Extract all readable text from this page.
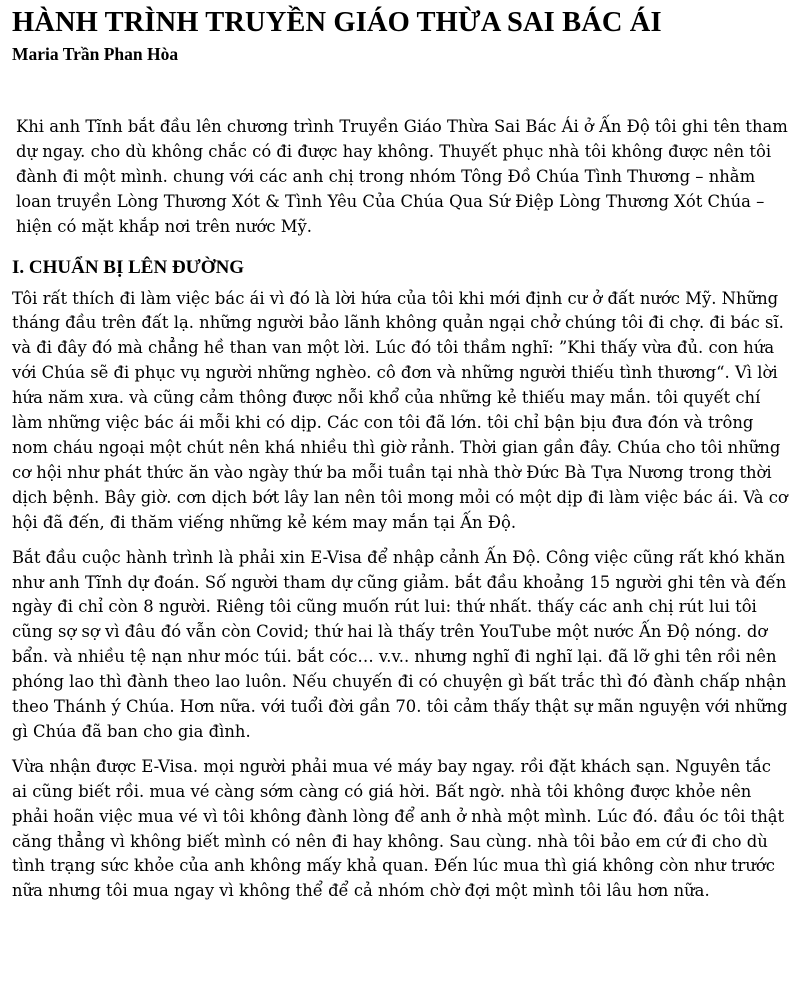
HÀNH TRÌNH TRUYỀN GIÁO THỪA SAI BÁC ÁI
Maria Trần Phan Hòa

Khi anh Tĩnh bắt đầu lên chương trình Truyền Giáo Thừa Sai Bác Ái ở Ấn Độ tôi ghi tên tham dự ngay. cho dù không chắc có đi được hay không. Thuyết phục nhà tôi không được nên tôi đành đi một mình. chung với các anh chị trong nhóm Tông Đồ Chúa Tình Thương – nhằm loan truyền Lòng Thương Xót & Tình Yêu Của Chúa Qua Sứ Điệp Lòng Thương Xót Chúa – hiện có mặt khắp nơi trên nước Mỹ.

I. CHUẨN BỊ LÊN ĐƯỜNG

Tôi rất thích đi làm việc bác ái vì đó là lời hứa của tôi khi mới định cư ở đất nước Mỹ. Những tháng đầu trên đất lạ. những người bảo lãnh không quản ngại chở chúng tôi đi chợ. đi bác sĩ. và đi đây đó mà chẳng hề than van một lời. Lúc đó tôi thầm nghĩ: ”Khi thấy vừa đủ. con hứa với Chúa sẽ đi phục vụ người những nghèo. cô đơn và những người thiếu tình thương“. Vì lời hứa năm xưa. và cũng cảm thông được nỗi khổ của những kẻ thiếu may mắn. tôi quyết chí làm những việc bác ái mỗi khi có dịp. Các con tôi đã lớn. tôi chỉ bận bịu đưa đón và trông nom cháu ngoại một chút nên khá nhiều thì giờ rảnh. Thời gian gần đây. Chúa cho tôi những cơ hội như phát thức ăn vào ngày thứ ba mỗi tuần tại nhà thờ Đức Bà Tựa Nương trong thời dịch bệnh. Bây giờ. cơn dịch bớt lây lan nên tôi mong mỏi có một dịp đi làm việc bác ái. Và cơ hội đã đến, đi thăm viếng những kẻ kém may mắn tại Ấn Độ.

Bắt đầu cuộc hành trình là phải xin E-Visa để nhập cảnh Ấn Độ. Công việc cũng rất khó khăn như anh Tĩnh dự đoán. Số người tham dự cũng giảm. bắt đầu khoảng 15 người ghi tên và đến ngày đi chỉ còn 8 người. Riêng tôi cũng muốn rút lui: thứ nhất. thấy các anh chị rút lui tôi cũng sợ sợ vì đâu đó vẫn còn Covid; thứ hai là thấy trên YouTube một nước Ấn Độ nóng. dơ bẩn. và nhiều tệ nạn như móc túi. bắt cóc… v.v.. nhưng nghĩ đi nghĩ lại. đã lỡ ghi tên rồi nên phóng lao thì đành theo lao luôn. Nếu chuyến đi có chuyện gì bất trắc thì đó đành chấp nhận theo Thánh ý Chúa. Hơn nữa. với tuổi đời gần 70. tôi cảm thấy thật sự mãn nguyện với những gì Chúa đã ban cho gia đình.

Vừa nhận được E-Visa. mọi người phải mua vé máy bay ngay. rồi đặt khách sạn. Nguyên tắc ai cũng biết rồi. mua vé càng sớm càng có giá hời. Bất ngờ. nhà tôi không được khỏe nên phải hoãn việc mua vé vì tôi không đành lòng để anh ở nhà một mình. Lúc đó. đầu óc tôi thật căng thẳng vì không biết mình có nên đi hay không. Sau cùng. nhà tôi bảo em cứ đi cho dù tình trạng sức khỏe của anh không mấy khả quan. Đến lúc mua thì giá không còn như trước nữa nhưng tôi mua ngay vì không thể để cả nhóm chờ đợi một mình tôi lâu hơn nữa.
